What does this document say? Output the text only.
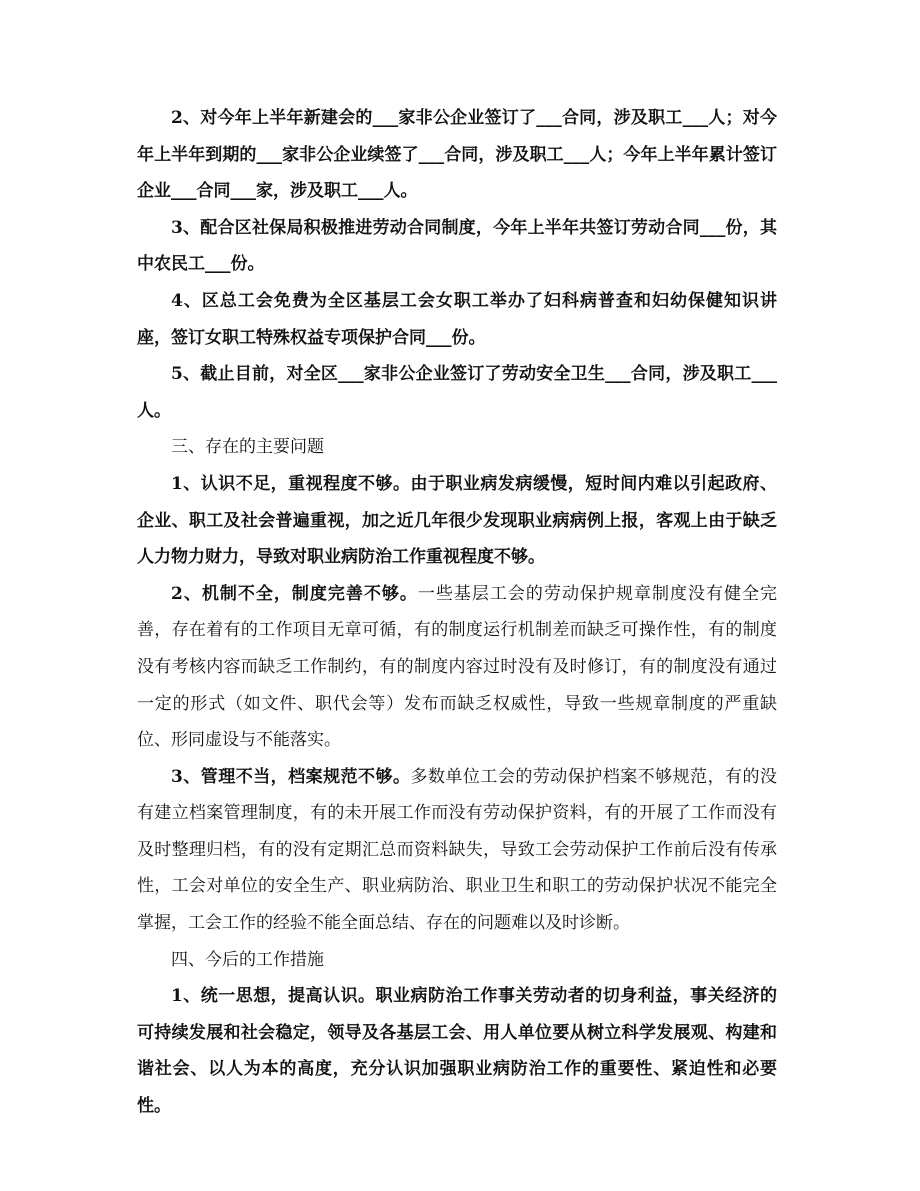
2、对今年上半年新建会的___家非公企业签订了___合同，涉及职工___人；对今年上半年到期的___家非公企业续签了___合同，涉及职工___人；今年上半年累计签订企业___合同___家，涉及职工___人。

3、配合区社保局积极推进劳动合同制度，今年上半年共签订劳动合同___份，其中农民工___份。

4、区总工会免费为全区基层工会女职工举办了妇科病普查和妇幼保健知识讲座，签订女职工特殊权益专项保护合同___份。

5、截止目前，对全区___家非公企业签订了劳动安全卫生___合同，涉及职工___人。

三、存在的主要问题

1、认识不足，重视程度不够。由于职业病发病缓慢，短时间内难以引起政府、企业、职工及社会普遍重视，加之近几年很少发现职业病病例上报，客观上由于缺乏人力物力财力，导致对职业病防治工作重视程度不够。

2、机制不全，制度完善不够。一些基层工会的劳动保护规章制度没有健全完善，存在着有的工作项目无章可循，有的制度运行机制差而缺乏可操作性，有的制度没有考核内容而缺乏工作制约，有的制度内容过时没有及时修订，有的制度没有通过一定的形式（如文件、职代会等）发布而缺乏权威性，导致一些规章制度的严重缺位、形同虚设与不能落实。

3、管理不当，档案规范不够。多数单位工会的劳动保护档案不够规范，有的没有建立档案管理制度，有的未开展工作而没有劳动保护资料，有的开展了工作而没有及时整理归档，有的没有定期汇总而资料缺失，导致工会劳动保护工作前后没有传承性，工会对单位的安全生产、职业病防治、职业卫生和职工的劳动保护状况不能完全掌握，工会工作的经验不能全面总结、存在的问题难以及时诊断。

四、今后的工作措施

1、统一思想，提高认识。职业病防治工作事关劳动者的切身利益，事关经济的可持续发展和社会稳定，领导及各基层工会、用人单位要从树立科学发展观、构建和谐社会、以人为本的高度，充分认识加强职业病防治工作的重要性、紧迫性和必要性。
